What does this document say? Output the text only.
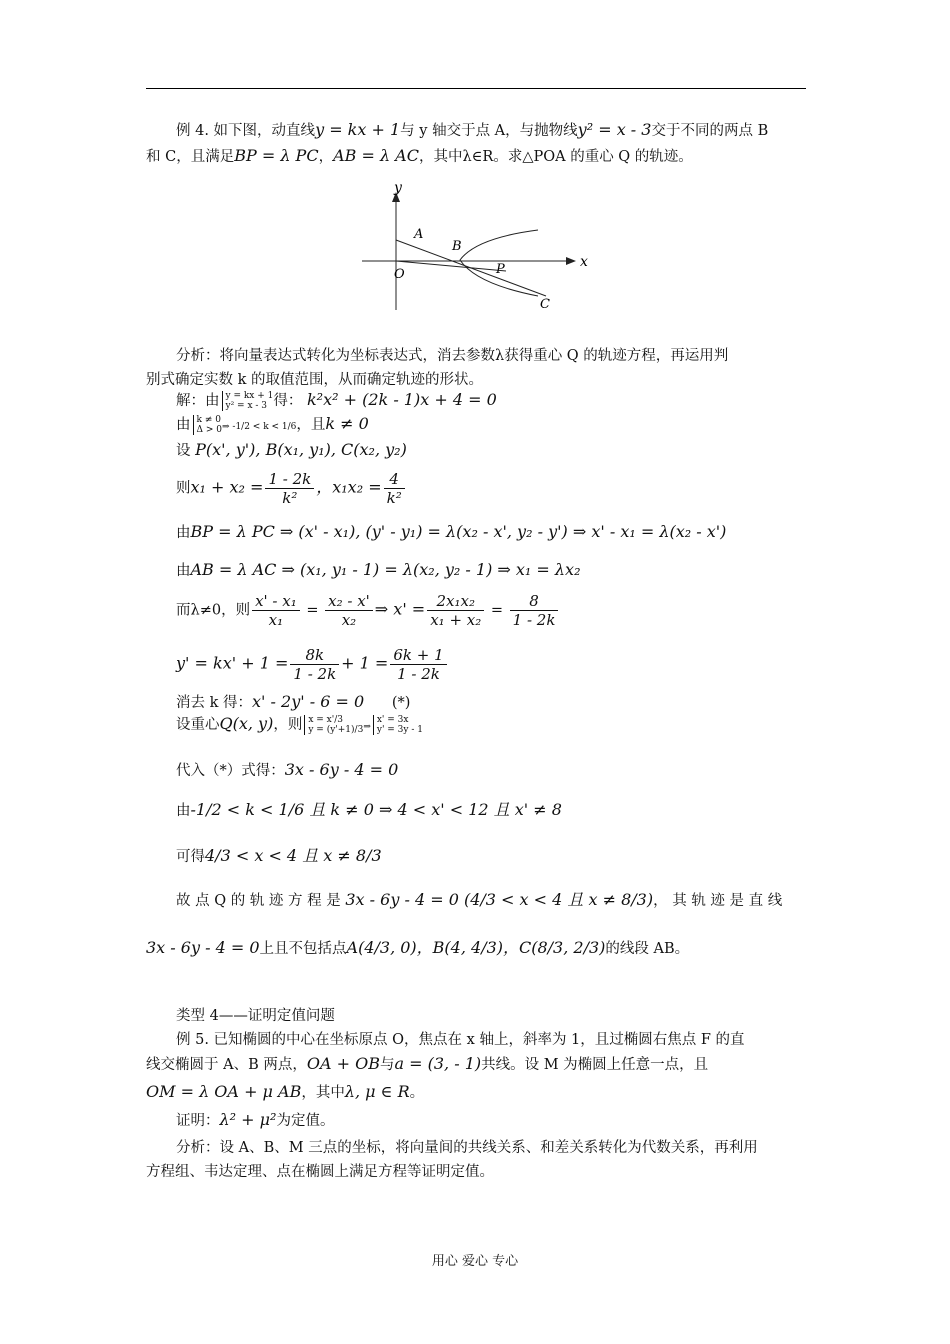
例 4. 如下图，动直线y = kx + 1与 y 轴交于点 A，与抛物线y² = x - 3交于不同的两点 B
和 C，且满足BP = λ PC，AB = λ AC，其中λ∈R。求△POA 的重心 Q 的轨迹。
y
x
A
B
O	P
C
分析：将向量表达式转化为坐标表达式，消去参数λ获得重心 Q 的轨迹方程，再运用判
别式确定实数 k 的取值范围，从而确定轨迹的形状。
解：由 y = kx + 1
y² = x - 3 得： k²x² + (2k - 1)x + 4 = 0
由 k ≠ 0
Δ > 0 ⇒ -1/2 < k < 1/6，且k ≠ 0
设 P(x', y'), B(x₁, y₁), C(x₂, y₂)
则$x_1 + x_2 = \frac{1 - 2k}{\text{k²}}$ ，$x_1x_2 = \frac{4}{\text{k²}}$
由BP = λ PC ⇒ (x' - x₁), (y' - y₁) = λ(x₂ - x', y₂ - y') ⇒ x' - x₁ = λ(x₂ - x')
由AB = λ AC ⇒ (x₁, y₁ - 1) = λ(x₂, y₂ - 1) ⇒ x₁ = λx₂
而λ≠0，则 $\frac{\text{x' - x₁}}{\text{x₁}} = \frac{\text{x₂ - x'}}{\text{x₂}}$ ⇒ $x' = \frac{\text{2x₁x₂}}{\text{x₁ + x₂}} = \frac{8}{1 - 2k}$
$y' = kx' + 1 = \frac{8k}{1 - 2k} + 1 = \frac{6k + 1}{1 - 2k}$
消去 k 得：x' - 2y' - 6 = 0 (*)
设重心Q(x, y)，则 x = x'/3
y = (y'+1)/3 ⇒
x' = 3x
y' = 3y - 1
代入（*）式得：3x - 6y - 4 = 0
由-1/2 < k < 1/6 且 k ≠ 0 ⇒ 4 < x' < 12 且 x' ≠ 8
可得4/3 < x < 4 且 x ≠ 8/3
故 点 Q 的 轨 迹 方 程 是 3x - 6y - 4 = 0 (4/3 < x < 4 且 x ≠ 8/3)， 其 轨 迹 是 直 线
3x - 6y - 4 = 0上且不包括点A(4/3, 0)，B(4, 4/3)，C(8/3, 2/3)的线段 AB。
类型 4——证明定值问题
例 5. 已知椭圆的中心在坐标原点 O，焦点在 x 轴上，斜率为 1，且过椭圆右焦点 F 的直
线交椭圆于 A、B 两点，OA + OB与a = (3, - 1)共线。设 M 为椭圆上任意一点，且
OM = λ OA + μ AB，其中λ, μ ∈ R。
证明：λ² + μ²为定值。
分析：设 A、B、M 三点的坐标，将向量间的共线关系、和差关系转化为代数关系，再利用
方程组、韦达定理、点在椭圆上满足方程等证明定值。
用心 爱心 专心
